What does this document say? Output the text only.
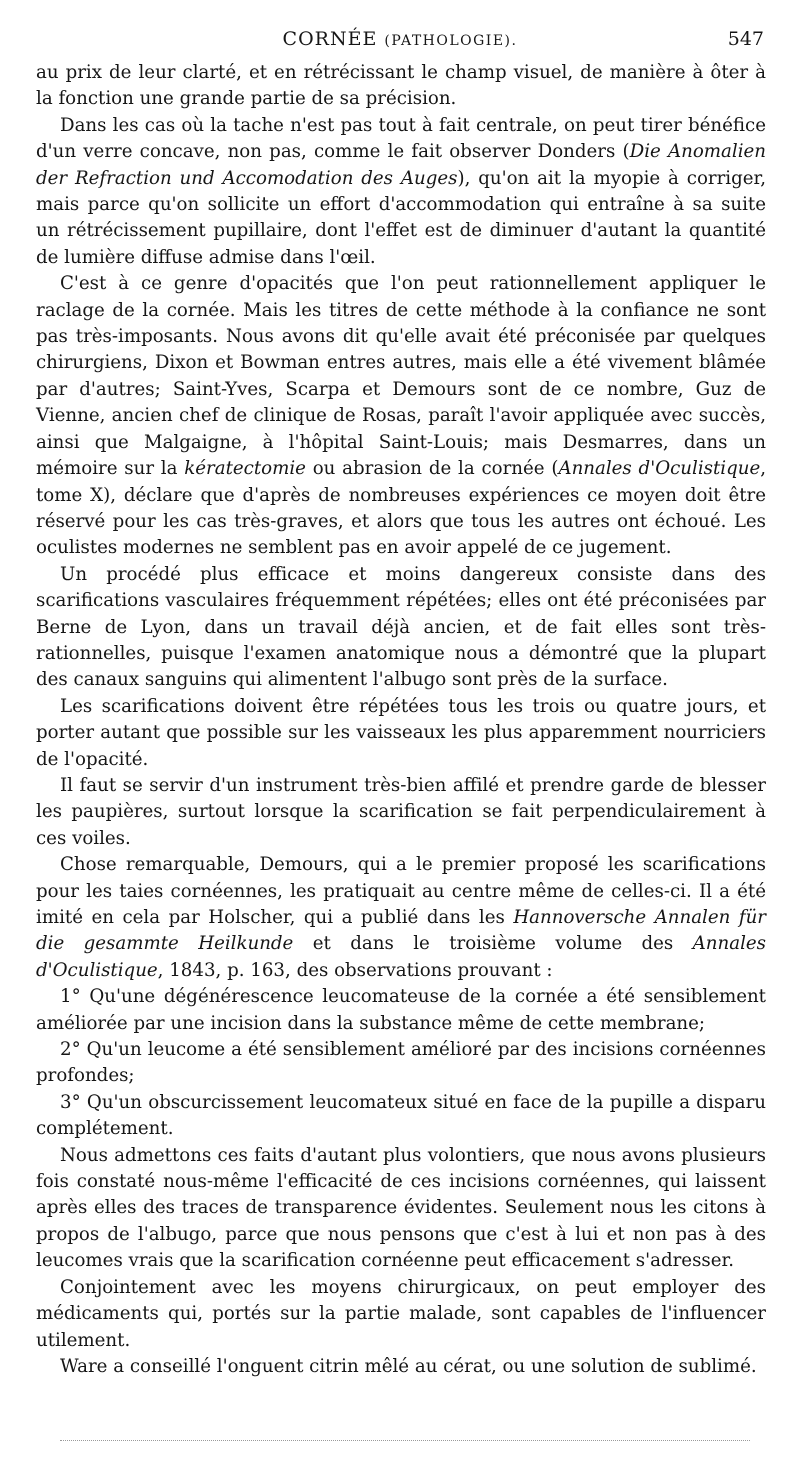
CORNÉE (PATHOLOGIE).	547

au prix de leur clarté, et en rétrécissant le champ visuel, de manière à ôter à la fonction une grande partie de sa précision.

Dans les cas où la tache n'est pas tout à fait centrale, on peut tirer bénéfice d'un verre concave, non pas, comme le fait observer Donders (Die Anomalien der Refraction und Accomodation des Auges), qu'on ait la myopie à corriger, mais parce qu'on sollicite un effort d'accommodation qui entraîne à sa suite un rétrécissement pupillaire, dont l'effet est de diminuer d'autant la quantité de lumière diffuse admise dans l'œil.

C'est à ce genre d'opacités que l'on peut rationnellement appliquer le raclage de la cornée. Mais les titres de cette méthode à la confiance ne sont pas très-imposants. Nous avons dit qu'elle avait été préconisée par quelques chirurgiens, Dixon et Bowman entres autres, mais elle a été vivement blâmée par d'autres; Saint-Yves, Scarpa et Demours sont de ce nombre, Guz de Vienne, ancien chef de clinique de Rosas, paraît l'avoir appliquée avec succès, ainsi que Malgaigne, à l'hôpital Saint-Louis; mais Desmarres, dans un mémoire sur la kératectomie ou abrasion de la cornée (Annales d'Oculistique, tome X), déclare que d'après de nombreuses expériences ce moyen doit être réservé pour les cas très-graves, et alors que tous les autres ont échoué. Les oculistes modernes ne semblent pas en avoir appelé de ce jugement.

Un procédé plus efficace et moins dangereux consiste dans des scarifications vasculaires fréquemment répétées; elles ont été préconisées par Berne de Lyon, dans un travail déjà ancien, et de fait elles sont très-rationnelles, puisque l'examen anatomique nous a démontré que la plupart des canaux sanguins qui alimentent l'albugo sont près de la surface.

Les scarifications doivent être répétées tous les trois ou quatre jours, et porter autant que possible sur les vaisseaux les plus apparemment nourriciers de l'opacité.

Il faut se servir d'un instrument très-bien affilé et prendre garde de blesser les paupières, surtout lorsque la scarification se fait perpendiculairement à ces voiles.

Chose remarquable, Demours, qui a le premier proposé les scarifications pour les taies cornéennes, les pratiquait au centre même de celles-ci. Il a été imité en cela par Holscher, qui a publié dans les Hannoversche Annalen für die gesammte Heilkunde et dans le troisième volume des Annales d'Oculistique, 1843, p. 163, des observations prouvant :

1° Qu'une dégénérescence leucomateuse de la cornée a été sensiblement améliorée par une incision dans la substance même de cette membrane;

2° Qu'un leucome a été sensiblement amélioré par des incisions cornéennes profondes;

3° Qu'un obscurcissement leucomateux situé en face de la pupille a disparu complétement.

Nous admettons ces faits d'autant plus volontiers, que nous avons plusieurs fois constaté nous-même l'efficacité de ces incisions cornéennes, qui laissent après elles des traces de transparence évidentes. Seulement nous les citons à propos de l'albugo, parce que nous pensons que c'est à lui et non pas à des leucomes vrais que la scarification cornéenne peut efficacement s'adresser.

Conjointement avec les moyens chirurgicaux, on peut employer des médicaments qui, portés sur la partie malade, sont capables de l'influencer utilement.

Ware a conseillé l'onguent citrin mêlé au cérat, ou une solution de sublimé.
